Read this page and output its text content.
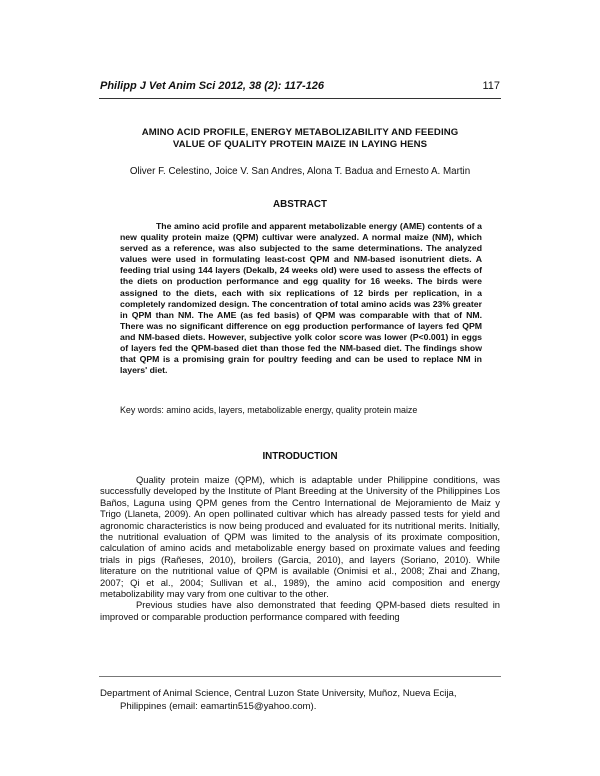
Philipp J Vet Anim Sci 2012, 38 (2): 117-126	117
AMINO ACID PROFILE, ENERGY METABOLIZABILITY AND FEEDING
VALUE OF QUALITY PROTEIN MAIZE IN LAYING HENS
Oliver F. Celestino, Joice V. San Andres, Alona T. Badua and Ernesto A. Martin
ABSTRACT
The amino acid profile and apparent metabolizable energy (AME) contents of a new quality protein maize (QPM) cultivar were analyzed. A normal maize (NM), which served as a reference, was also subjected to the same determinations. The analyzed values were used in formulating least-cost QPM and NM-based isonutrient diets. A feeding trial using 144 layers (Dekalb, 24 weeks old) were used to assess the effects of the diets on production performance and egg quality for 16 weeks. The birds were assigned to the diets, each with six replications of 12 birds per replication, in a completely randomized design. The concentration of total amino acids was 23% greater in QPM than NM. The AME (as fed basis) of QPM was comparable with that of NM. There was no significant difference on egg production performance of layers fed QPM and NM-based diets. However, subjective yolk color score was lower (P<0.001) in eggs of layers fed the QPM-based diet than those fed the NM-based diet. The findings show that QPM is a promising grain for poultry feeding and can be used to replace NM in layers' diet.
Key words: amino acids, layers, metabolizable energy, quality protein maize
INTRODUCTION

Quality protein maize (QPM), which is adaptable under Philippine conditions, was successfully developed by the Institute of Plant Breeding at the University of the Philippines Los Baños, Laguna using QPM genes from the Centro International de Mejoramiento de Maiz y Trigo (Llaneta, 2009). An open pollinated cultivar which has already passed tests for yield and agronomic characteristics is now being produced and evaluated for its nutritional merits. Initially, the nutritional evaluation of QPM was limited to the analysis of its proximate composition, calculation of amino acids and metabolizable energy based on proximate values and feeding trials in pigs (Rañeses, 2010), broilers (Garcia, 2010), and layers (Soriano, 2010). While literature on the nutritional value of QPM is available (Onimisi et al., 2008; Zhai and Zhang, 2007; Qi et al., 2004; Sullivan et al., 1989), the amino acid composition and energy metabolizability may vary from one cultivar to the other.

Previous studies have also demonstrated that feeding QPM-based diets resulted in improved or comparable production performance compared with feeding

Department of Animal Science, Central Luzon State University, Muñoz, Nueva Ecija,
Philippines (email: eamartin515@yahoo.com).
